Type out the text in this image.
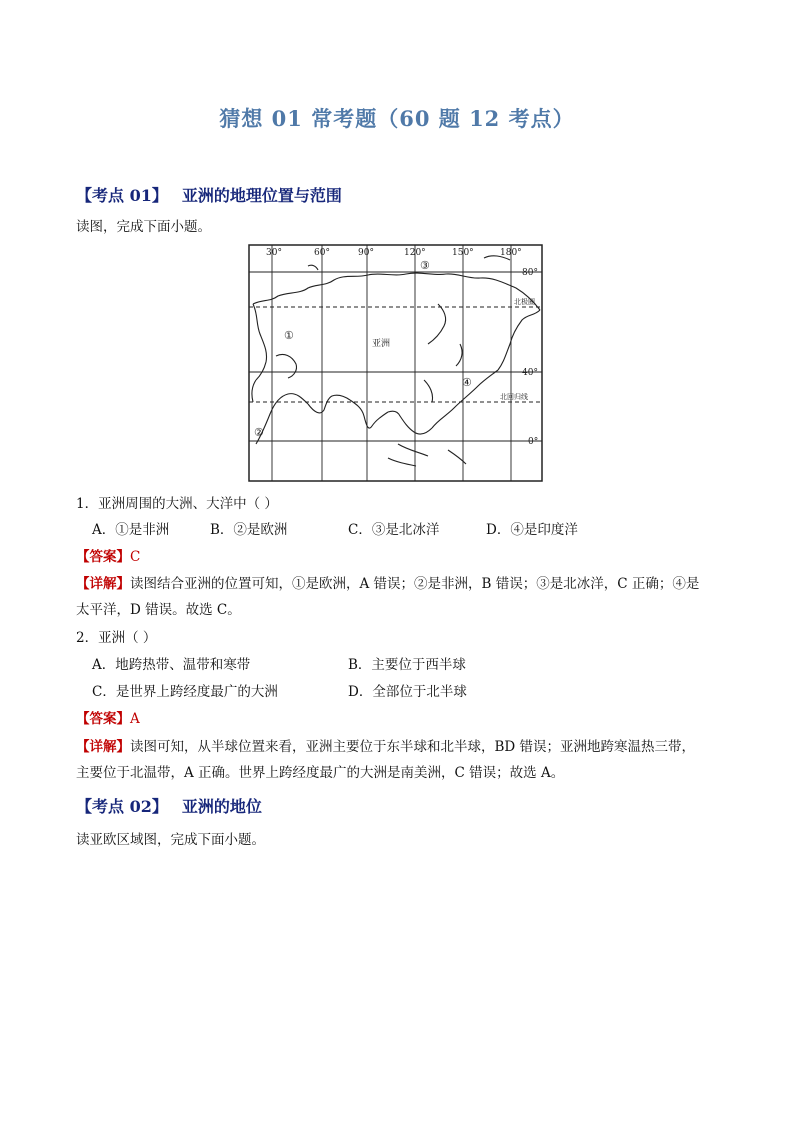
猜想 01 常考题（60 题 12 考点）
【考点 01】 亚洲的地理位置与范围
读图，完成下面小题。
30°	60°	90°	120°	150°	180°
80°
40°
0°
北极圈
北回归线
亚洲
①
②
③
④
1．亚洲周围的大洲、大洋中（ ）
A．①是非洲	B．②是欧洲	C．③是北冰洋	D．④是印度洋
【答案】C
【详解】读图结合亚洲的位置可知，①是欧洲，A 错误；②是非洲，B 错误；③是北冰洋，C 正确；④是
太平洋，D 错误。故选 C。
2．亚洲（ ）
A．地跨热带、温带和寒带	B．主要位于西半球
C．是世界上跨经度最广的大洲	D．全部位于北半球
【答案】A
【详解】读图可知，从半球位置来看，亚洲主要位于东半球和北半球，BD 错误；亚洲地跨寒温热三带，
主要位于北温带，A 正确。世界上跨经度最广的大洲是南美洲，C 错误；故选 A。
【考点 02】 亚洲的地位
读亚欧区域图，完成下面小题。
